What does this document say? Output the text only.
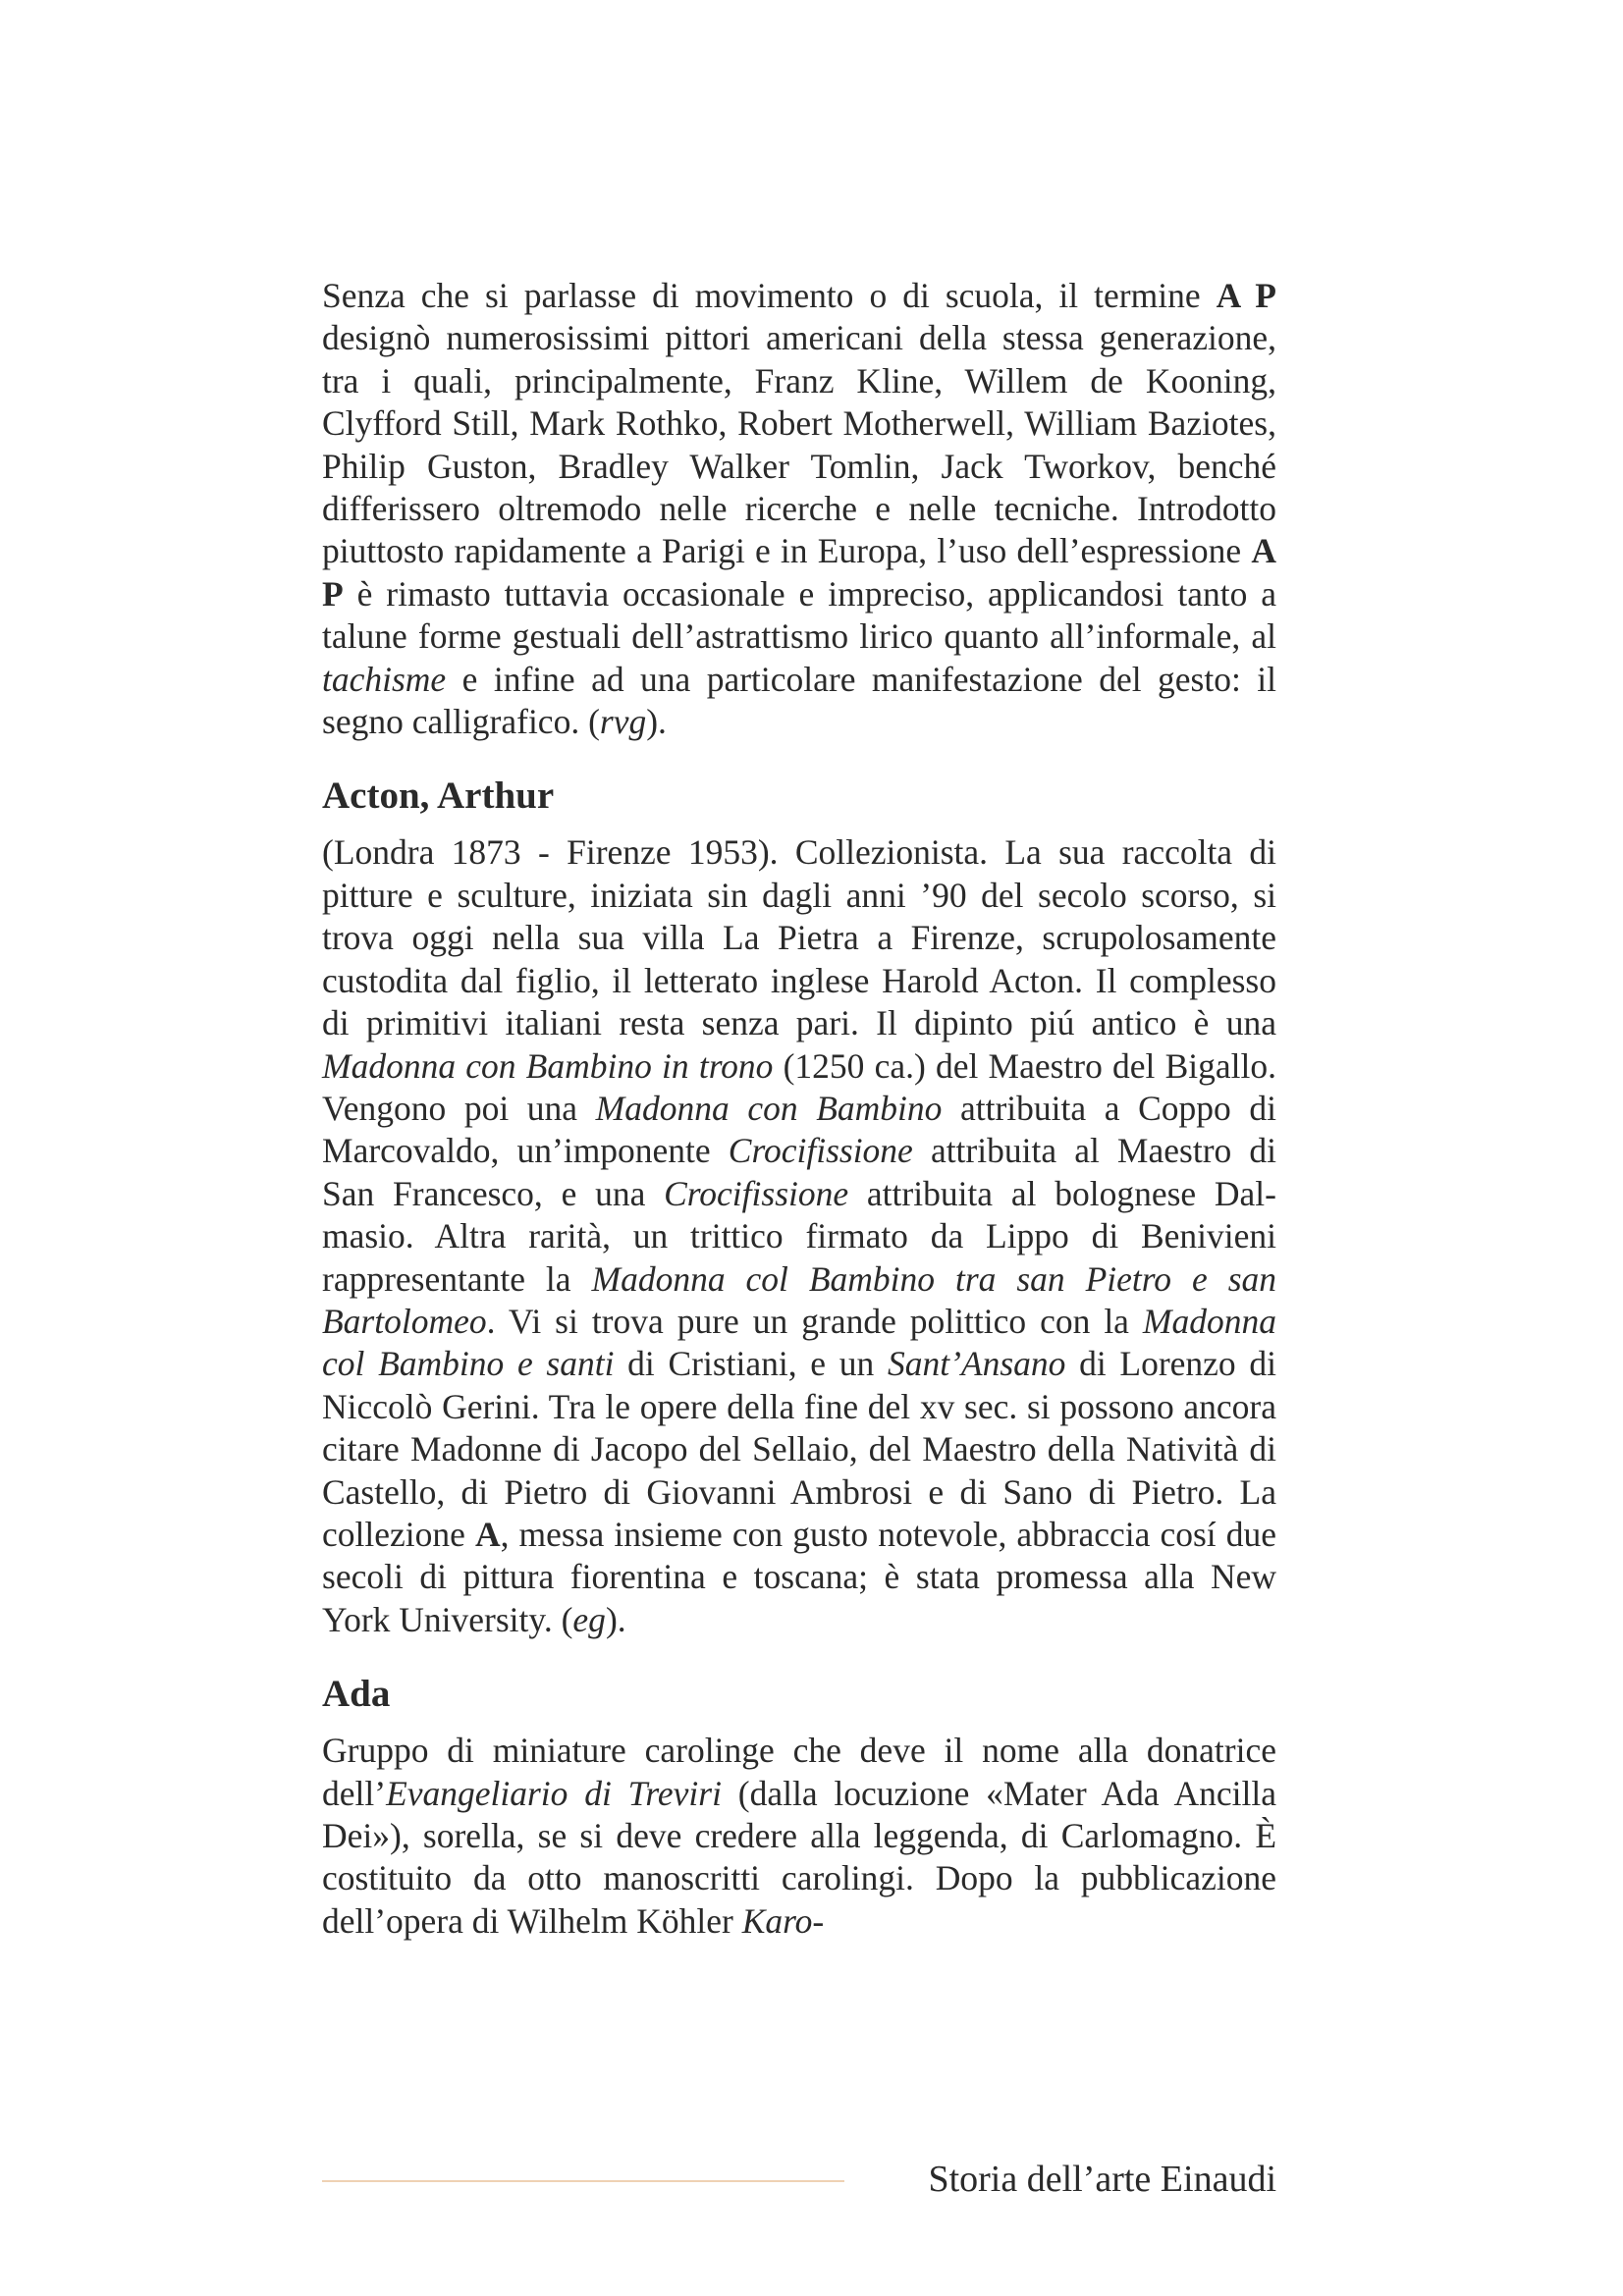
Senza che si parlasse di movimento o di scuola, il termine A P designò numerosissimi pittori americani della stessa generazione, tra i quali, principalmente, Franz Kline, Willem de Kooning, Clyfford Still, Mark Rothko, Robert Motherwell, William Baziotes, Philip Guston, Bradley Walker Tomlin, Jack Tworkov, benché differissero oltremodo nelle ricerche e nelle tecniche. Introdotto piuttosto rapidamente a Parigi e in Europa, l’uso dell’espressione A P è rimasto tuttavia occasionale e impreciso, applicandosi tanto a talune forme gestuali dell’astrattismo lirico quanto all’informale, al tachisme e infine ad una particolare manifestazione del gesto: il segno calligrafico. (rvg).

Acton, Arthur

(Londra 1873 - Firenze 1953). Collezionista. La sua raccolta di pitture e sculture, iniziata sin dagli anni ’90 del secolo scorso, si trova oggi nella sua villa La Pietra a Firenze, scrupolosamente custodita dal figlio, il letterato inglese Harold Acton. Il complesso di primitivi italiani resta senza pari. Il dipinto piú antico è una Madonna con Bambino in trono (1250 ca.) del Maestro del Bigallo. Vengono poi una Madonna con Bambino attribuita a Coppo di Marcovaldo, un’imponente Crocifissione attribuita al Maestro di San Francesco, e una Crocifissione attribuita al bolognese Dalmasio. Altra rarità, un trittico firmato da Lippo di Benivieni rappresentante la Madonna col Bambino tra san Pietro e san Bartolomeo. Vi si trova pure un grande polittico con la Madonna col Bambino e santi di Cristiani, e un Sant’Ansano di Lorenzo di Niccolò Gerini. Tra le opere della fine del xv sec. si possono ancora citare Madonne di Jacopo del Sellaio, del Maestro della Natività di Castello, di Pietro di Giovanni Ambrosi e di Sano di Pietro. La collezione A, messa insieme con gusto notevole, abbraccia cosí due secoli di pittura fiorentina e toscana; è stata promessa alla New York University. (eg).

Ada

Gruppo di miniature carolinge che deve il nome alla donatrice dell’Evangeliario di Treviri (dalla locuzione «Mater Ada Ancilla Dei»), sorella, se si deve credere alla leggenda, di Carlomagno. È costituito da otto manoscritti carolingi. Dopo la pubblicazione dell’opera di Wilhelm Köhler Karo-

Storia dell’arte Einaudi
